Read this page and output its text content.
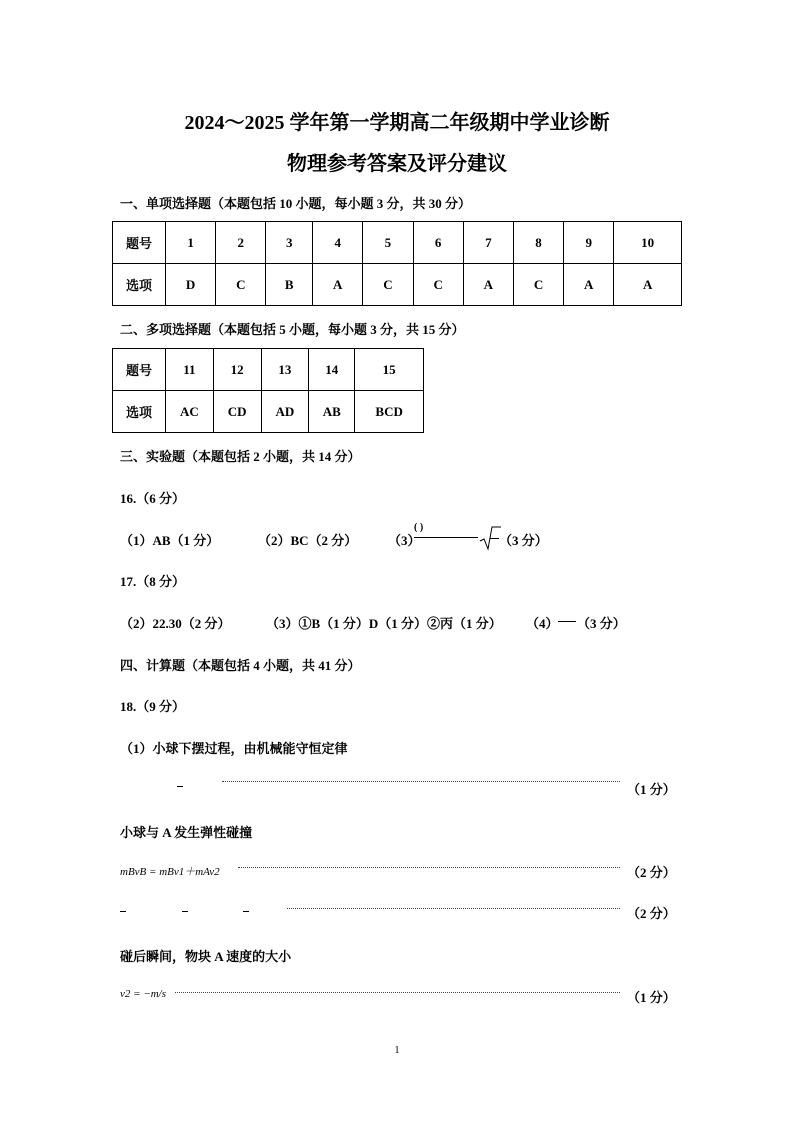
2024～2025 学年第一学期高二年级期中学业诊断
物理参考答案及评分建议
一、单项选择题（本题包括 10 小题，每小题 3 分，共 30 分）
题号	1	2	3	4	5	6	7	8	9	10
选项	D	C	B	A	C	C	A	C	A	A
二、多项选择题（本题包括 5 小题，每小题 3 分，共 15 分）
题号	11	12	13	14	15
选项	AC	CD	AD	AB	BCD
三、实验题（本题包括 2 小题，共 14 分）
16.（6 分）
（1）AB（1 分）	（2）BC（2 分） （3）
( )
（3 分）
17.（8 分）
（2）22.30（2 分）	（3）①B（1 分）D（1 分）②丙（1 分） （4） （3 分）
四、计算题（本题包括 4 小题，共 41 分）
18.（9 分）
（1）小球下摆过程，由机械能守恒定律
（1 分）
小球与 A 发生弹性碰撞
mBvB = mBv1＋mAv2	（2 分）
（2 分）
碰后瞬间，物块 A 速度的大小
v2 = −m/s	（1 分）
1
